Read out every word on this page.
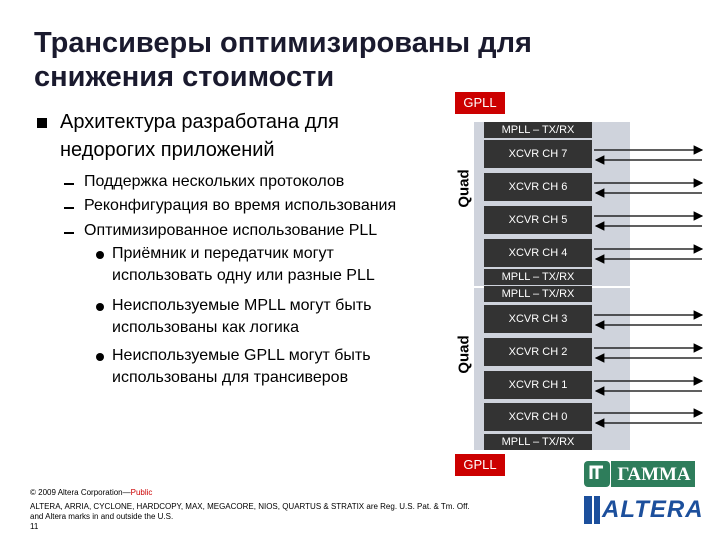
Трансиверы оптимизированы для
снижения стоимости
Архитектура разработана для
недорогих приложений
Поддержка нескольких протоколов
Реконфигурация во время использования
Оптимизированное использование PLL
Приёмник и передатчик могут
использовать одну или разные PLL
Неиспользуемые MPLL могут быть
использованы как логика
Неиспользуемые GPLL могут быть
использованы для трансиверов
GPLL
Quad
Quad
MPLL – TX/RX
XCVR CH 7
XCVR CH 6
XCVR CH 5
XCVR CH 4
MPLL – TX/RX
MPLL – TX/RX
XCVR CH 3
XCVR CH 2
XCVR CH 1
XCVR CH 0
MPLL – TX/RX
GPLL
© 2009 Altera Corporation—Public
ALTERA, ARRIA, CYCLONE, HARDCOPY, MAX, MEGACORE, NIOS, QUARTUS & STRATIX are Reg. U.S. Pat. & Tm. Off.
and Altera marks in and outside the U.S.
11
ГАММА
ALTERA
